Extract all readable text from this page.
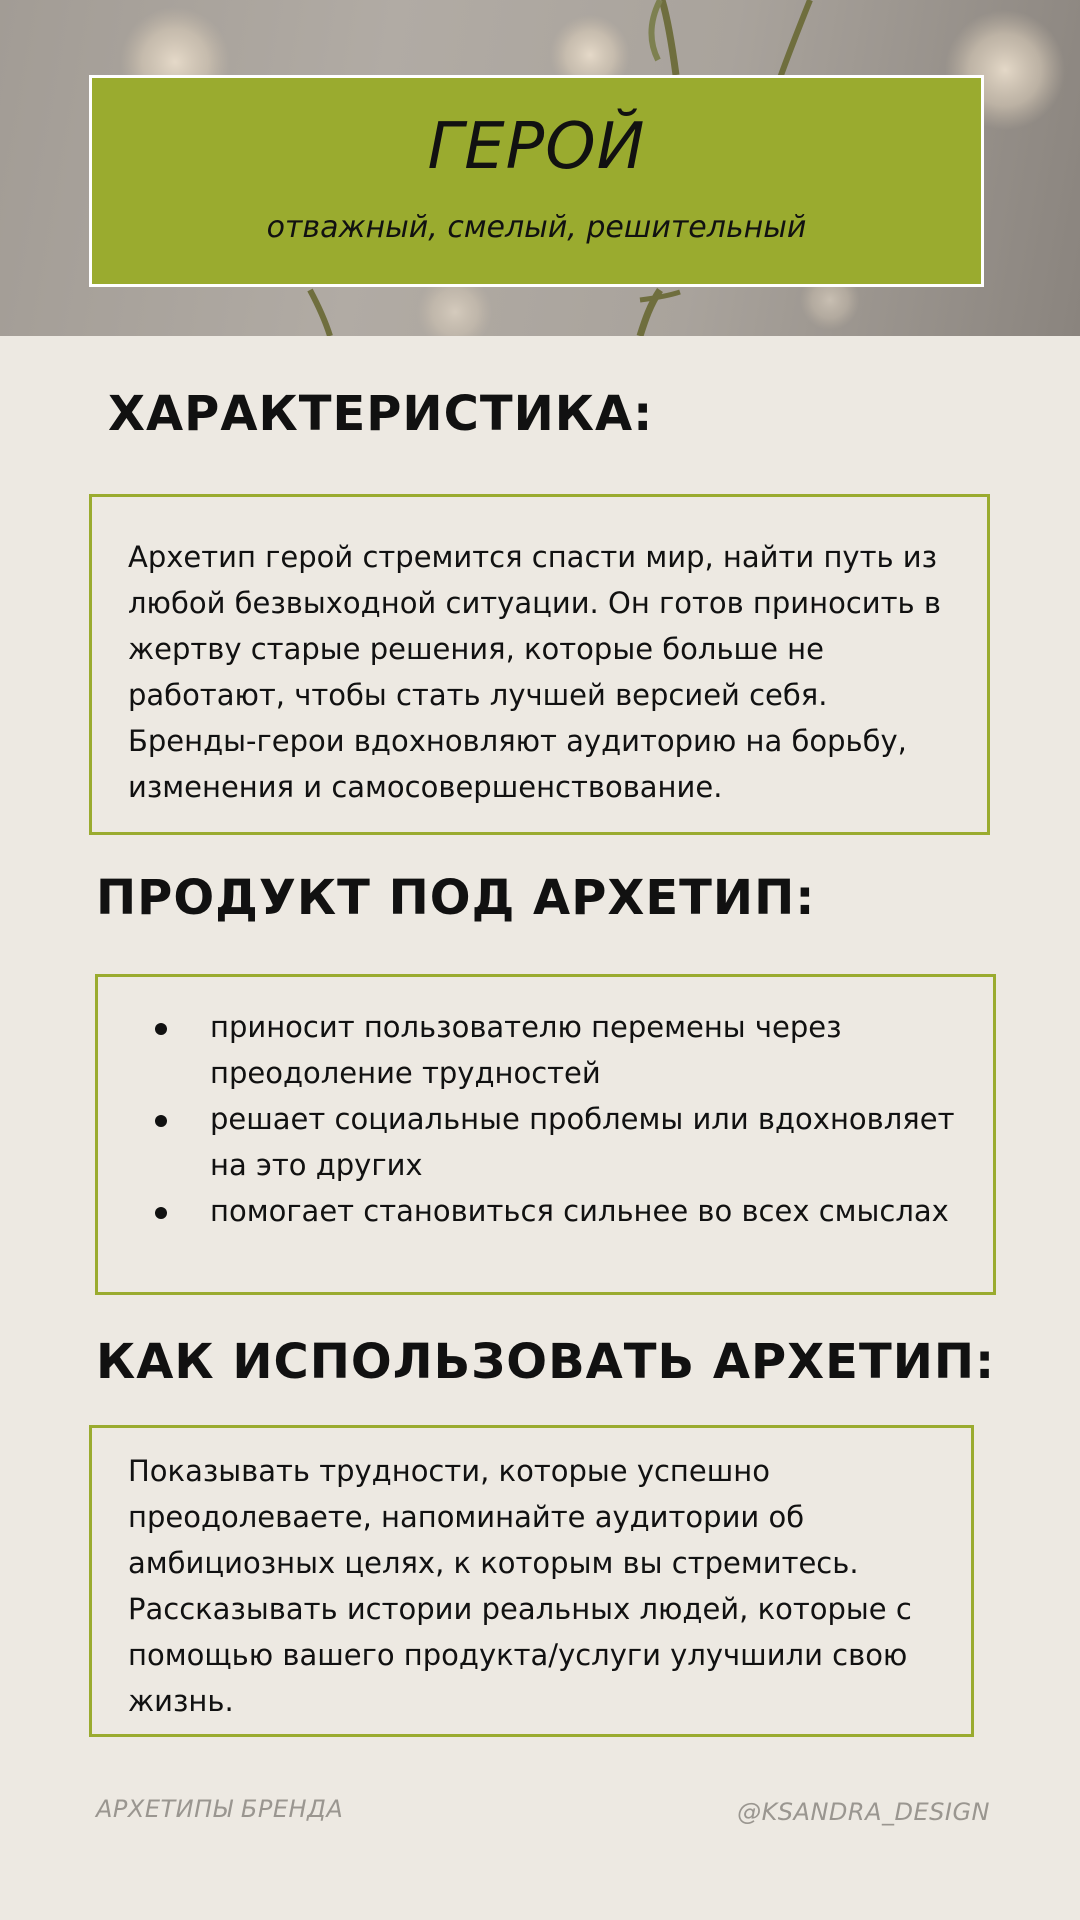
ГЕРОЙ
отважный, смелый, решительный
ХАРАКТЕРИСТИКА:

Архетип герой стремится спасти мир, найти путь из любой безвыходной ситуации. Он готов приносить в жертву старые решения, которые больше не работают, чтобы стать лучшей версией себя. Бренды-герои вдохновляют аудиторию на борьбу, изменения и самосовершенствование.

ПРОДУКТ ПОД АРХЕТИП:
приносит пользователю перемены через преодоление трудностей
решает социальные проблемы или вдохновляет на это других
помогает становиться сильнее во всех смыслах
КАК ИСПОЛЬЗОВАТЬ АРХЕТИП:

Показывать трудности, которые успешно преодолеваете, напоминайте аудитории об амбициозных целях, к которым вы стремитесь. Рассказывать истории реальных людей, которые с помощью вашего продукта/услуги улучшили свою жизнь.

АРХЕТИПЫ БРЕНДА	@KSANDRA_DESIGN
